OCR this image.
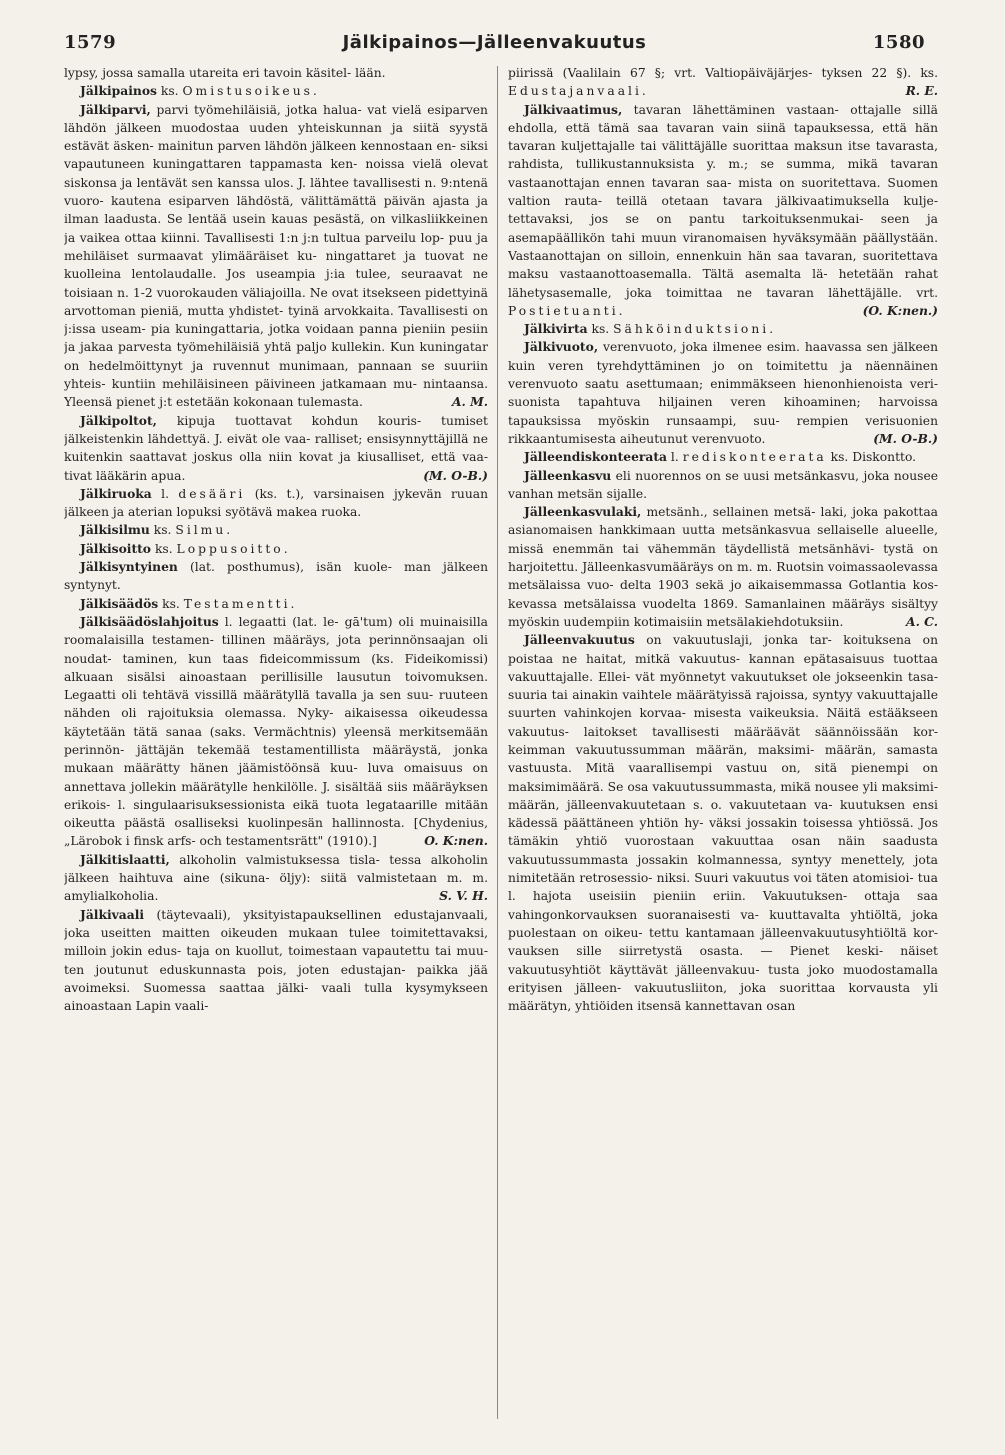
1579	Jälkipainos—Jälleenvakuutus	1580

lypsy, jossa samalla utareita eri tavoin käsitel- lään.

Jälkipainos ks. Omistusoikeus.

Jälkiparvi, parvi työmehiläisiä, jotka halua- vat vielä esiparven lähdön jälkeen muodostaa uuden yhteiskunnan ja siitä syystä estävät äsken- mainitun parven lähdön jälkeen kennostaan en- siksi vapautuneen kuningattaren tappamasta ken- noissa vielä olevat siskonsa ja lentävät sen kanssa ulos. J. lähtee tavallisesti n. 9:ntenä vuoro- kautena esiparven lähdöstä, välittämättä päivän ajasta ja ilman laadusta. Se lentää usein kauas pesästä, on vilkasliikkeinen ja vaikea ottaa kiinni. Tavallisesti 1:n j:n tultua parveilu lop- puu ja mehiläiset surmaavat ylimääräiset ku- ningattaret ja tuovat ne kuolleina lentolaudalle. Jos useampia j:ia tulee, seuraavat ne toisiaan n. 1-2 vuorokauden väliajoilla. Ne ovat itsekseen pidettyinä arvottoman pieniä, mutta yhdistet- tyinä arvokkaita. Tavallisesti on j:issa useam- pia kuningattaria, jotka voidaan panna pieniin pesiin ja jakaa parvesta työmehiläisiä yhtä paljo kullekin. Kun kuningatar on hedelmöittynyt ja ruvennut munimaan, pannaan se suuriin yhteis- kuntiin mehiläisineen päivineen jatkamaan mu- nintaansa. Yleensä pienet j:t estetään kokonaan tulemasta.	A. M.

Jälkipoltot, kipuja tuottavat kohdun kouris- tumiset jälkeistenkin lähdettyä. J. eivät ole vaa- ralliset; ensisynnyttäjillä ne kuitenkin saattavat joskus olla niin kovat ja kiusalliset, että vaa- tivat lääkärin apua.	(M. O-B.)

Jälkiruoka l. desääri (ks. t.), varsinaisen jykevän ruuan jälkeen ja aterian lopuksi syötävä makea ruoka.

Jälkisilmu ks. Silmu.

Jälkisoitto ks. Loppusoitto.

Jälkisyntyinen (lat. posthumus), isän kuole- man jälkeen syntynyt.

Jälkisäädös ks. Testamentti.

Jälkisäädöslahjoitus l. legaatti (lat. le- gā'tum) oli muinaisilla roomalaisilla testamen- tillinen määräys, jota perinnönsaajan oli noudat- taminen, kun taas fideicommissum (ks. Fideikomissi) alkuaan sisälsi ainoastaan perillisille lausutun toivomuksen. Legaatti oli tehtävä vissillä määrätyllä tavalla ja sen suu- ruuteen nähden oli rajoituksia olemassa. Nyky- aikaisessa oikeudessa käytetään tätä sanaa (saks. Vermächtnis) yleensä merkitsemään perinnön- jättäjän tekemää testamentillista määräystä, jonka mukaan määrätty hänen jäämistöönsä kuu- luva omaisuus on annettava jollekin määrätylle henkilölle. J. sisältää siis määräyksen erikois- l. singulaarisuksessionista eikä tuota legataarille mitään oikeutta päästä osalliseksi kuolinpesän hallinnosta. [Chydenius, „Lärobok i finsk arfs- och testamentsrätt" (1910).]	O. K:nen.

Jälkitislaatti, alkoholin valmistuksessa tisla- tessa alkoholin jälkeen haihtuva aine (sikuna- öljy): siitä valmistetaan m. m. amylialkoholia.	S. V. H.

Jälkivaali (täytevaali), yksityistapauksellinen edustajanvaali, joka useitten maitten oikeuden mukaan tulee toimitettavaksi, milloin jokin edus- taja on kuollut, toimestaan vapautettu tai muu- ten joutunut eduskunnasta pois, joten edustajan- paikka jää avoimeksi. Suomessa saattaa jälki- vaali tulla kysymykseen ainoastaan Lapin vaali-

piirissä (Vaalilain 67 §; vrt. Valtiopäiväjärjes- tyksen 22 §). ks. Edustajanvaali.	R. E.

Jälkivaatimus, tavaran lähettäminen vastaan- ottajalle sillä ehdolla, että tämä saa tavaran vain siinä tapauksessa, että hän tavaran kuljettajalle tai välittäjälle suorittaa maksun itse tavarasta, rahdista, tullikustannuksista y. m.; se summa, mikä tavaran vastaanottajan ennen tavaran saa- mista on suoritettava. Suomen valtion rauta- teillä otetaan tavara jälkivaatimuksella kulje- tettavaksi, jos se on pantu tarkoituksenmukai- seen ja asemapäällikön tahi muun viranomaisen hyväksymään päällystään. Vastaanottajan on silloin, ennenkuin hän saa tavaran, suoritettava maksu vastaanottoasemalla. Tältä asemalta lä- hetetään rahat lähetysasemalle, joka toimittaa ne tavaran lähettäjälle. vrt. Postietuanti.	(O. K:nen.)

Jälkivirta ks. Sähköinduktsioni.

Jälkivuoto, verenvuoto, joka ilmenee esim. haavassa sen jälkeen kuin veren tyrehdyttäminen jo on toimitettu ja näennäinen verenvuoto saatu asettumaan; enimmäkseen hienonhienoista veri- suonista tapahtuva hiljainen veren kihoaminen; harvoissa tapauksissa myöskin runsaampi, suu- rempien verisuonien rikkaantumisesta aiheutunut verenvuoto.	(M. O-B.)

Jälleendiskonteerata l. rediskonteerata ks. Diskontto.

Jälleenkasvu eli nuorennos on se uusi metsänkasvu, joka nousee vanhan metsän sijalle.

Jälleenkasvulaki, metsänh., sellainen metsä- laki, joka pakottaa asianomaisen hankkimaan uutta metsänkasvua sellaiselle alueelle, missä enemmän tai vähemmän täydellistä metsänhävi- tystä on harjoitettu. Jälleenkasvumääräys on m. m. Ruotsin voimassaolevassa metsälaissa vuo- delta 1903 sekä jo aikaisemmassa Gotlantia kos- kevassa metsälaissa vuodelta 1869. Samanlainen määräys sisältyy myöskin uudempiin kotimaisiin metsälakiehdotuksiin.	A. C.

Jälleenvakuutus on vakuutuslaji, jonka tar- koituksena on poistaa ne haitat, mitkä vakuutus- kannan epätasaisuus tuottaa vakuuttajalle. Ellei- vät myönnetyt vakuutukset ole jokseenkin tasa- suuria tai ainakin vaihtele määrätyissä rajoissa, syntyy vakuuttajalle suurten vahinkojen korvaa- misesta vaikeuksia. Näitä estääkseen vakuutus- laitokset tavallisesti määräävät säännöissään kor- keimman vakuutussumman määrän, maksimi- määrän, samasta vastuusta. Mitä vaarallisempi vastuu on, sitä pienempi on maksimimäärä. Se osa vakuutussummasta, mikä nousee yli maksimi- määrän, jälleenvakuutetaan s. o. vakuutetaan va- kuutuksen ensi kädessä päättäneen yhtiön hy- väksi jossakin toisessa yhtiössä. Jos tämäkin yhtiö vuorostaan vakuuttaa osan näin saadusta vakuutussummasta jossakin kolmannessa, syntyy menettely, jota nimitetään retrosessio- niksi. Suuri vakuutus voi täten atomisioi- tua l. hajota useisiin pieniin eriin. Vakuutuksen- ottaja saa vahingonkorvauksen suoranaisesti va- kuuttavalta yhtiöltä, joka puolestaan on oikeu- tettu kantamaan jälleenvakuutusyhtiöltä kor- vauksen sille siirretystä osasta. — Pienet keski- näiset vakuutusyhtiöt käyttävät jälleenvakuu- tusta joko muodostamalla erityisen jälleen- vakuutusliiton, joka suorittaa korvausta yli määrätyn, yhtiöiden itsensä kannettavan osan
